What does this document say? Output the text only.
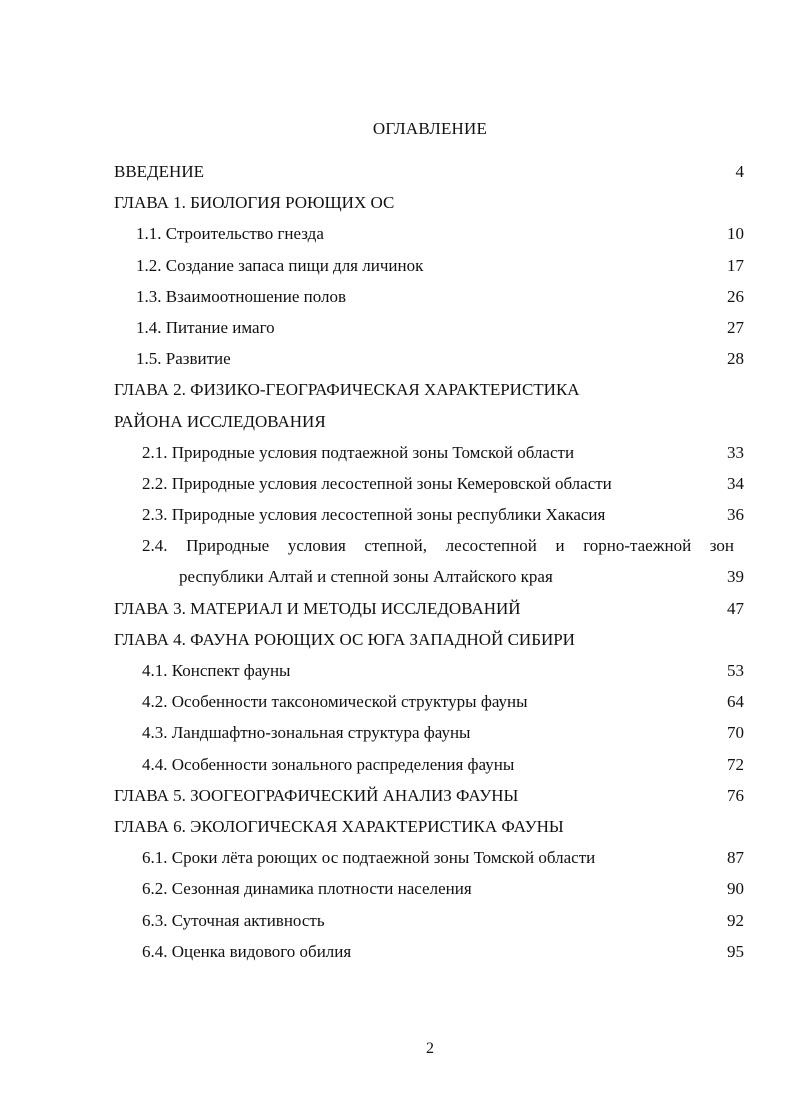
ОГЛАВЛЕНИЕ
ВВЕДЕНИЕ	4
ГЛАВА 1. БИОЛОГИЯ РОЮЩИХ ОС
1.1. Строительство гнезда	10
1.2. Создание запаса пищи для личинок	17
1.3. Взаимоотношение полов	26
1.4. Питание имаго	27
1.5. Развитие	28
ГЛАВА 2. ФИЗИКО-ГЕОГРАФИЧЕСКАЯ ХАРАКТЕРИСТИКА
РАЙОНА ИССЛЕДОВАНИЯ
2.1. Природные условия подтаежной зоны Томской области	33
2.2. Природные условия лесостепной зоны Кемеровской области	34
2.3. Природные условия лесостепной зоны республики Хакасия	36
2.4. Природные условия степной, лесостепной и горно-таежной зон
республики Алтай и степной зоны Алтайского края	39
ГЛАВА 3. МАТЕРИАЛ И МЕТОДЫ ИССЛЕДОВАНИЙ	47
ГЛАВА 4. ФАУНА РОЮЩИХ ОС ЮГА ЗАПАДНОЙ СИБИРИ
4.1. Конспект фауны	53
4.2. Особенности таксономической структуры фауны	64
4.3. Ландшафтно-зональная структура фауны	70
4.4. Особенности зонального распределения фауны	72
ГЛАВА 5. ЗООГЕОГРАФИЧЕСКИЙ АНАЛИЗ ФАУНЫ	76
ГЛАВА 6. ЭКОЛОГИЧЕСКАЯ ХАРАКТЕРИСТИКА ФАУНЫ
6.1. Сроки лёта роющих ос подтаежной зоны Томской области	87
6.2. Сезонная динамика плотности населения	90
6.3. Суточная активность	92
6.4. Оценка видового обилия	95
2
